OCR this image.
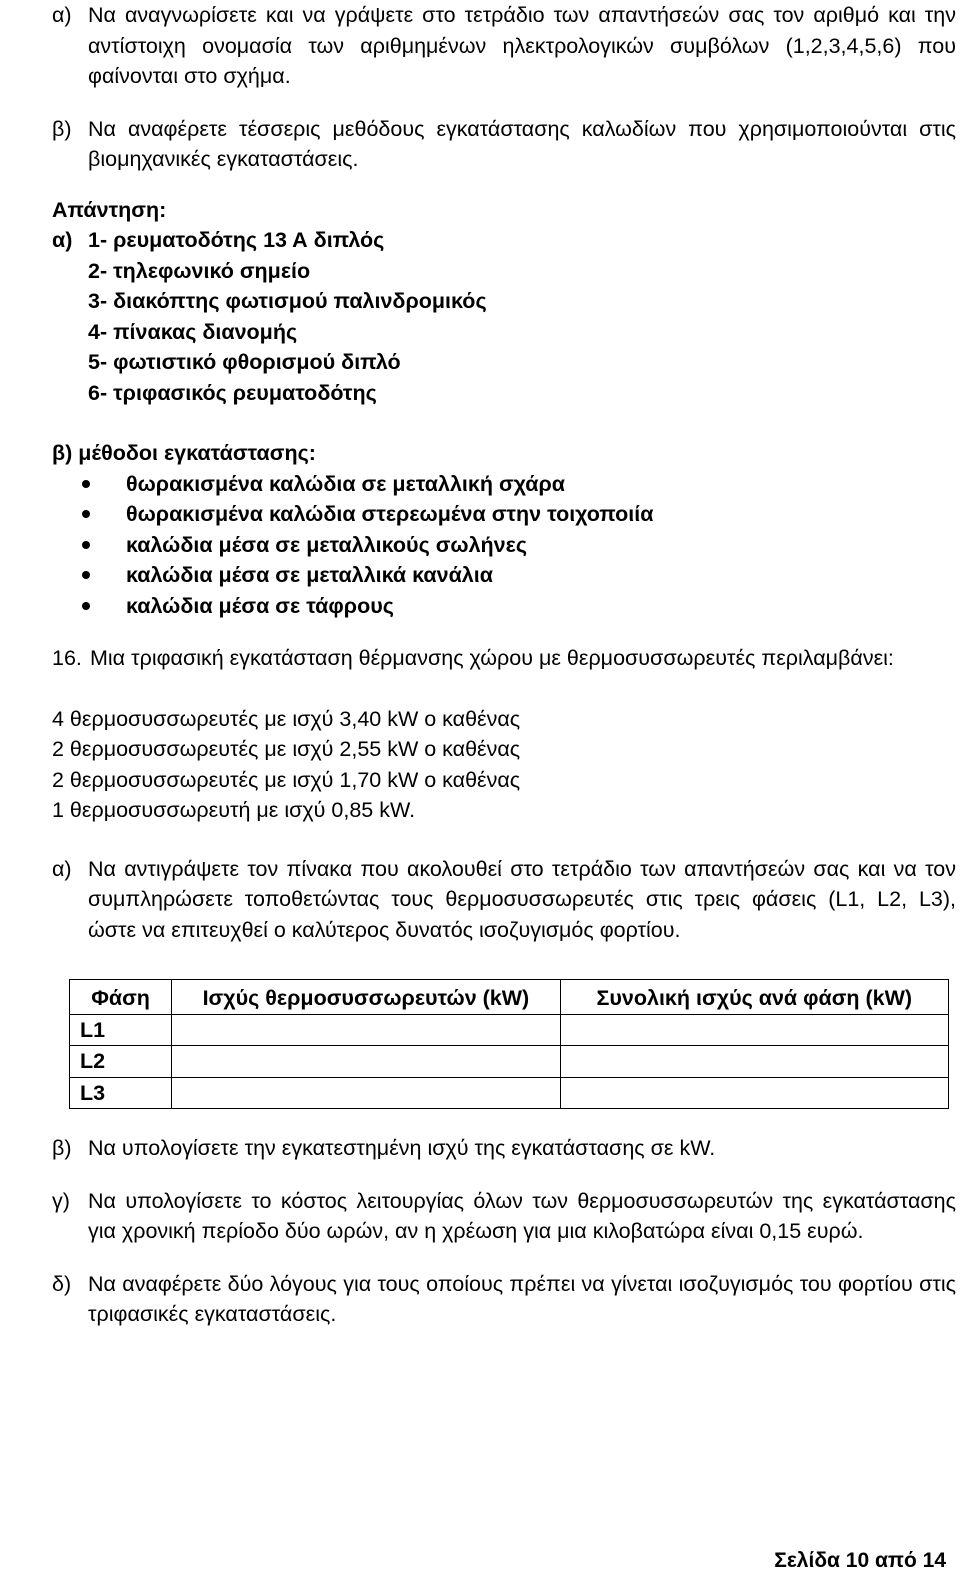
α) Να αναγνωρίσετε και να γράψετε στο τετράδιο των απαντήσεών σας τον αριθμό και την αντίστοιχη ονομασία των αριθμημένων ηλεκτρολογικών συμβόλων (1,2,3,4,5,6) που φαίνονται στο σχήμα.
β) Να αναφέρετε τέσσερις μεθόδους εγκατάστασης καλωδίων που χρησιμοποιούνται στις βιομηχανικές εγκαταστάσεις.
Απάντηση:
α) 1- ρευματοδότης 13 Α διπλός
2- τηλεφωνικό σημείο
3- διακόπτης φωτισμού παλινδρομικός
4- πίνακας διανομής
5- φωτιστικό φθορισμού διπλό
6- τριφασικός ρευματοδότης
β) μέθοδοι εγκατάστασης:
θωρακισμένα καλώδια σε μεταλλική σχάρα
θωρακισμένα καλώδια στερεωμένα στην τοιχοποιία
καλώδια μέσα σε μεταλλικούς σωλήνες
καλώδια μέσα σε μεταλλικά κανάλια
καλώδια μέσα σε τάφρους
16. Μια τριφασική εγκατάσταση θέρμανσης χώρου με θερμοσυσσωρευτές περιλαμβάνει:
4 θερμοσυσσωρευτές με ισχύ 3,40 kW ο καθένας
2 θερμοσυσσωρευτές με ισχύ 2,55 kW ο καθένας
2 θερμοσυσσωρευτές με ισχύ 1,70 kW ο καθένας
1 θερμοσυσσωρευτή με ισχύ 0,85 kW.
α) Να αντιγράψετε τον πίνακα που ακολουθεί στο τετράδιο των απαντήσεών σας και να τον συμπληρώσετε τοποθετώντας τους θερμοσυσσωρευτές στις τρεις φάσεις (L1, L2, L3), ώστε να επιτευχθεί ο καλύτερος δυνατός ισοζυγισμός φορτίου.
Φάση	Ισχύς θερμοσυσσωρευτών (kW)	Συνολική ισχύς ανά φάση (kW)
L1		
L2		
L3		
β) Να υπολογίσετε την εγκατεστημένη ισχύ της εγκατάστασης σε kW.
γ) Να υπολογίσετε το κόστος λειτουργίας όλων των θερμοσυσσωρευτών της εγκατάστασης για χρονική περίοδο δύο ωρών, αν η χρέωση για μια κιλοβατώρα είναι 0,15 ευρώ.
δ) Να αναφέρετε δύο λόγους για τους οποίους πρέπει να γίνεται ισοζυγισμός του φορτίου στις τριφασικές εγκαταστάσεις.
Σελίδα 10 από 14
